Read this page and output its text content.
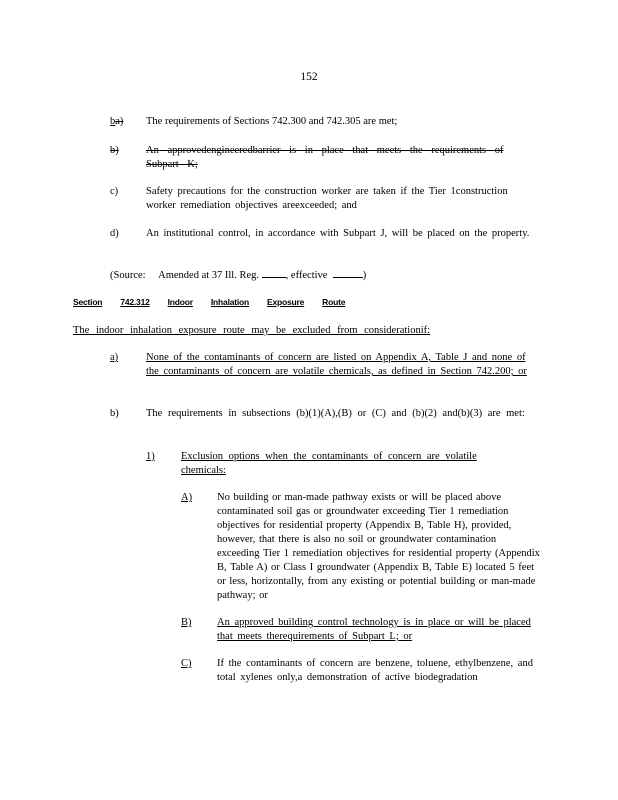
152
ba) The requirements of Sections 742.300 and 742.305 are met;
b)	An approvedengineeredbarrier is in place that meets the requirements of Subpart K;
c)	Safety precautions for the construction worker are taken if the Tier 1construction worker remediation objectives areexceeded; and
d)	An institutional control, in accordance with Subpart J, will be placed on the property.
(Source: Amended at 37 Ill. Reg.	, effective	)
Section 742.312 Indoor Inhalation Exposure Route
The indoor inhalation exposure route may be excluded from considerationif:
a)	None of the contaminants of concern are listed on Appendix A, Table J and none of the contaminants of concern are volatile chemicals, as defined in Section 742.200; or
b)	The requirements in subsections (b)(1)(A),(B) or (C) and (b)(2) and(b)(3) are met:
1)	Exclusion options when the contaminants of concern are volatile chemicals:
A) No building or man-made pathway exists or will be placed above contaminated soil gas or groundwater exceeding Tier 1 remediation objectives for residential property (Appendix B, Table H), provided, however, that there is also no soil or groundwater contamination exceeding Tier 1 remediation objectives for residential property (Appendix B, Table A) or Class I groundwater (Appendix B, Table E) located 5 feet or less, horizontally, from any existing or potential building or man-made pathway; or
B) An approved building control technology is in place or will be placed that meets therequirements of Subpart L; or
C) If the contaminants of concern are benzene, toluene, ethylbenzene, and total xylenes only,a demonstration of active biodegradation
